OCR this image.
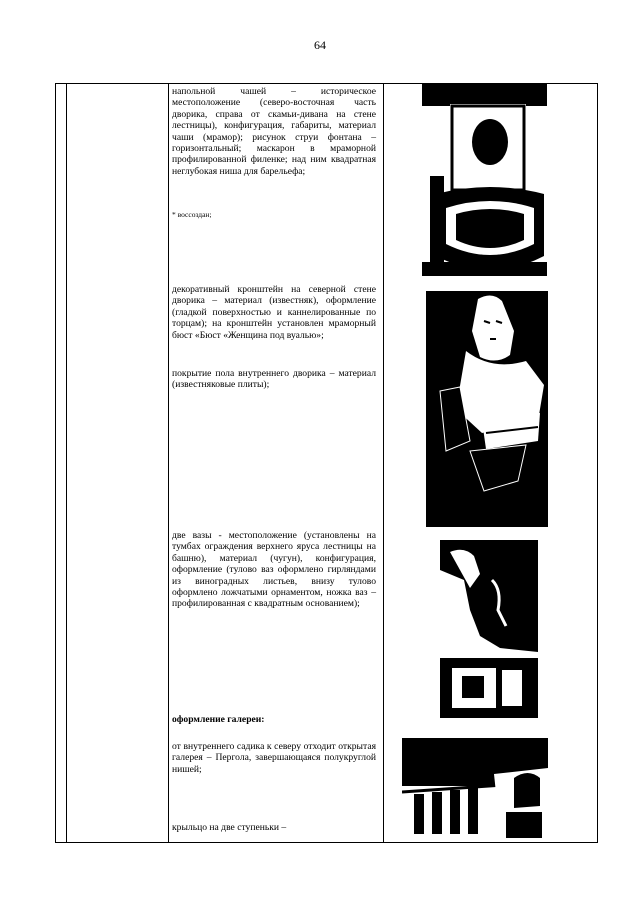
64

напольной чашей – историческое местоположение (северо-восточная часть дворика, справа от скамьи-дивана на стене лестницы), конфигурация, габариты, материал чаши (мрамор); рисунок струи фонтана – горизонтальный; маскарон в мраморной профилированной филенке; над ним квадратная неглубокая ниша для барельефа;

* воссоздан;

декоративный кронштейн на северной стене дворика – материал (известняк), оформление (гладкой поверхностью и каннелированные по торцам); на кронштейн установлен мраморный бюст «Бюст «Женщина под вуалью»;

покрытие пола внутреннего дворика – материал (известняковые плиты);

две вазы - местоположение (установлены на тумбах ограждения верхнего яруса лестницы на башню), материал (чугун), конфигурация, оформление (тулово ваз оформлено гирляндами из виноградных листьев, внизу тулово оформлено ложчатыми орнаментом, ножка ваз – профилированная с квадратным основанием);

оформление галереи:

от внутреннего садика к северу отходит открытая галерея – Пергола, завершающаяся полукруглой нишей;

крыльцо на две ступеньки –
